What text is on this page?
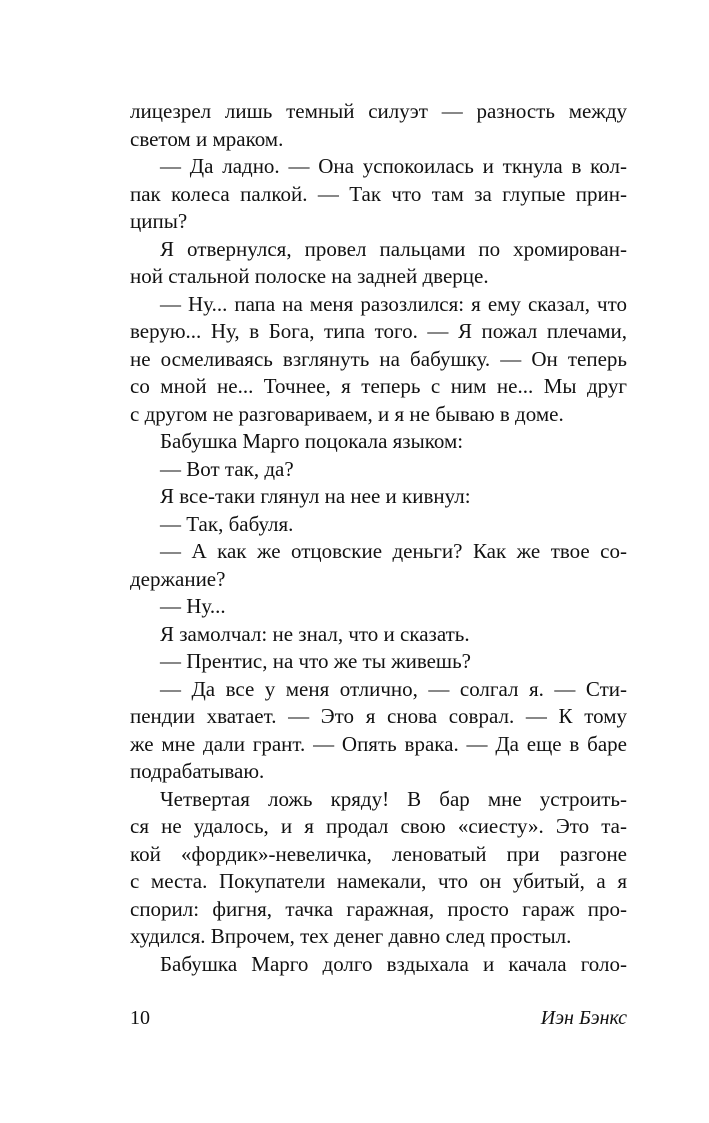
лицезрел лишь темный силуэт — разность между
светом и мраком.
— Да ладно. — Она успокоилась и ткнула в кол-
пак колеса палкой. — Так что там за глупые прин-
ципы?
Я отвернулся, провел пальцами по хромирован-
ной стальной полоске на задней дверце.
— Ну... папа на меня разозлился: я ему сказал, что
верую... Ну, в Бога, типа того. — Я пожал плечами,
не осмеливаясь взглянуть на бабушку. — Он теперь
со мной не... Точнее, я теперь с ним не... Мы друг
с другом не разговариваем, и я не бываю в доме.
Бабушка Марго поцокала языком:
— Вот так, да?
Я все-таки глянул на нее и кивнул:
— Так, бабуля.
— А как же отцовские деньги? Как же твое со-
держание?
— Ну...
Я замолчал: не знал, что и сказать.
— Прентис, на что же ты живешь?
— Да все у меня отлично, — солгал я. — Сти-
пендии хватает. — Это я снова соврал. — К тому
же мне дали грант. — Опять врака. — Да еще в баре
подрабатываю.
Четвертая ложь кряду! В бар мне устроить-
ся не удалось, и я продал свою «сиесту». Это та-
кой «фордик»-невеличка, леноватый при разгоне
с места. Покупатели намекали, что он убитый, а я
спорил: фигня, тачка гаражная, просто гараж про-
худился. Впрочем, тех денег давно след простыл.
Бабушка Марго долго вздыхала и качала голо-
10	Иэн Бэнкс
